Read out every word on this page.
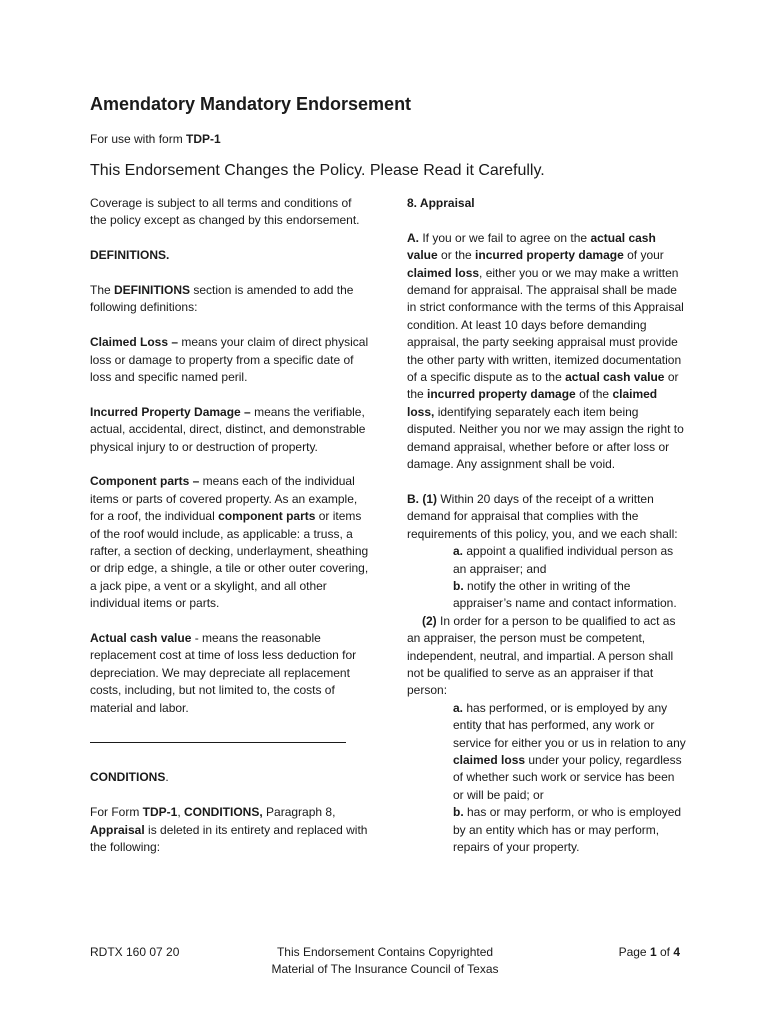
Amendatory Mandatory Endorsement
For use with form TDP-1
This Endorsement Changes the Policy. Please Read it Carefully.

Coverage is subject to all terms and conditions of the policy except as changed by this endorsement.

DEFINITIONS.

The DEFINITIONS section is amended to add the following definitions:

Claimed Loss – means your claim of direct physical loss or damage to property from a specific date of loss and specific named peril.

Incurred Property Damage – means the verifiable, actual, accidental, direct, distinct, and demonstrable physical injury to or destruction of property.

Component parts – means each of the individual items or parts of covered property. As an example, for a roof, the individual component parts or items of the roof would include, as applicable: a truss, a rafter, a section of decking, underlayment, sheathing or drip edge, a shingle, a tile or other outer covering, a jack pipe, a vent or a skylight, and all other individual items or parts.

Actual cash value - means the reasonable replacement cost at time of loss less deduction for depreciation. We may depreciate all replacement costs, including, but not limited to, the costs of material and labor.

CONDITIONS.

For Form TDP-1, CONDITIONS, Paragraph 8, Appraisal is deleted in its entirety and replaced with the following:

8. Appraisal

A. If you or we fail to agree on the actual cash value or the incurred property damage of your claimed loss, either you or we may make a written demand for appraisal. The appraisal shall be made in strict conformance with the terms of this Appraisal condition. At least 10 days before demanding appraisal, the party seeking appraisal must provide the other party with written, itemized documentation of a specific dispute as to the actual cash value or the incurred property damage of the claimed loss, identifying separately each item being disputed. Neither you nor we may assign the right to demand appraisal, whether before or after loss or damage. Any assignment shall be void.

B. (1) Within 20 days of the receipt of a written demand for appraisal that complies with the requirements of this policy, you, and we each shall:

a. appoint a qualified individual person as an appraiser; and

b. notify the other in writing of the appraiser’s name and contact information.

(2) In order for a person to be qualified to act as an appraiser, the person must be competent, independent, neutral, and impartial. A person shall not be qualified to serve as an appraiser if that person:

a. has performed, or is employed by any entity that has performed, any work or service for either you or us in relation to any claimed loss under your policy, regardless of whether such work or service has been or will be paid; or

b. has or may perform, or who is employed by an entity which has or may perform, repairs of your property.

RDTX 160 07 20	This Endorsement Contains Copyrighted
Material of The Insurance Council of Texas
Page 1 of 4
